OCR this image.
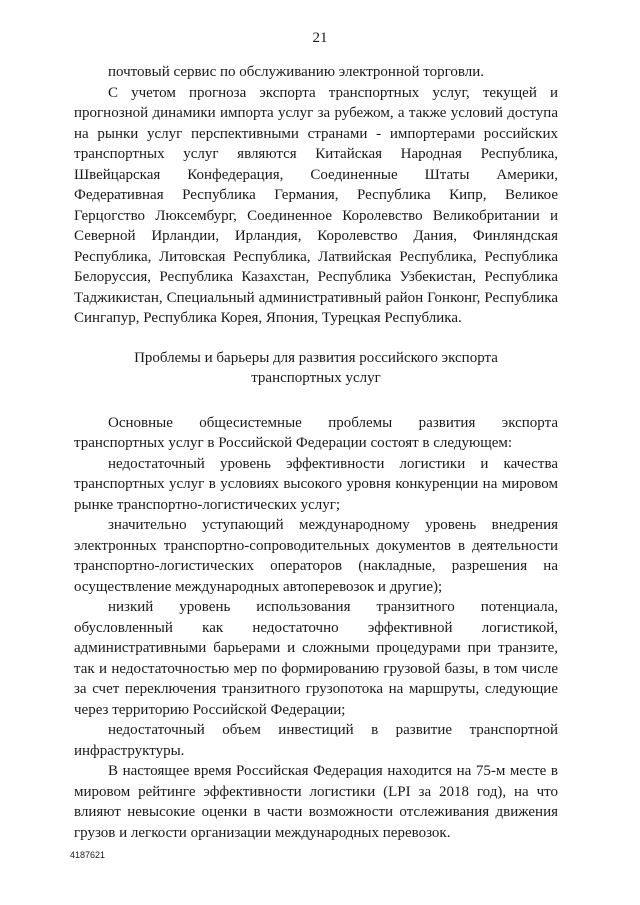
21

почтовый сервис по обслуживанию электронной торговли.

С учетом прогноза экспорта транспортных услуг, текущей и прогнозной динамики импорта услуг за рубежом, а также условий доступа на рынки услуг перспективными странами - импортерами российских транспортных услуг являются Китайская Народная Республика, Швейцарская Конфедерация, Соединенные Штаты Америки, Федеративная Республика Германия, Республика Кипр, Великое Герцогство Люксембург, Соединенное Королевство Великобритании и Северной Ирландии, Ирландия, Королевство Дания, Финляндская Республика, Литовская Республика, Латвийская Республика, Республика Белоруссия, Республика Казахстан, Республика Узбекистан, Республика Таджикистан, Специальный административный район Гонконг, Республика Сингапур, Республика Корея, Япония, Турецкая Республика.

Проблемы и барьеры для развития российского экспорта
транспортных услуг

Основные общесистемные проблемы развития экспорта транспортных услуг в Российской Федерации состоят в следующем:

недостаточный уровень эффективности логистики и качества транспортных услуг в условиях высокого уровня конкуренции на мировом рынке транспортно-логистических услуг;

значительно уступающий международному уровень внедрения электронных транспортно-сопроводительных документов в деятельности транспортно-логистических операторов (накладные, разрешения на осуществление международных автоперевозок и другие);

низкий уровень использования транзитного потенциала, обусловленный как недостаточно эффективной логистикой, административными барьерами и сложными процедурами при транзите, так и недостаточностью мер по формированию грузовой базы, в том числе за счет переключения транзитного грузопотока на маршруты, следующие через территорию Российской Федерации;

недостаточный объем инвестиций в развитие транспортной инфраструктуры.

В настоящее время Российская Федерация находится на 75-м месте в мировом рейтинге эффективности логистики (LPI за 2018 год), на что влияют невысокие оценки в части возможности отслеживания движения грузов и легкости организации международных перевозок.

4187621
